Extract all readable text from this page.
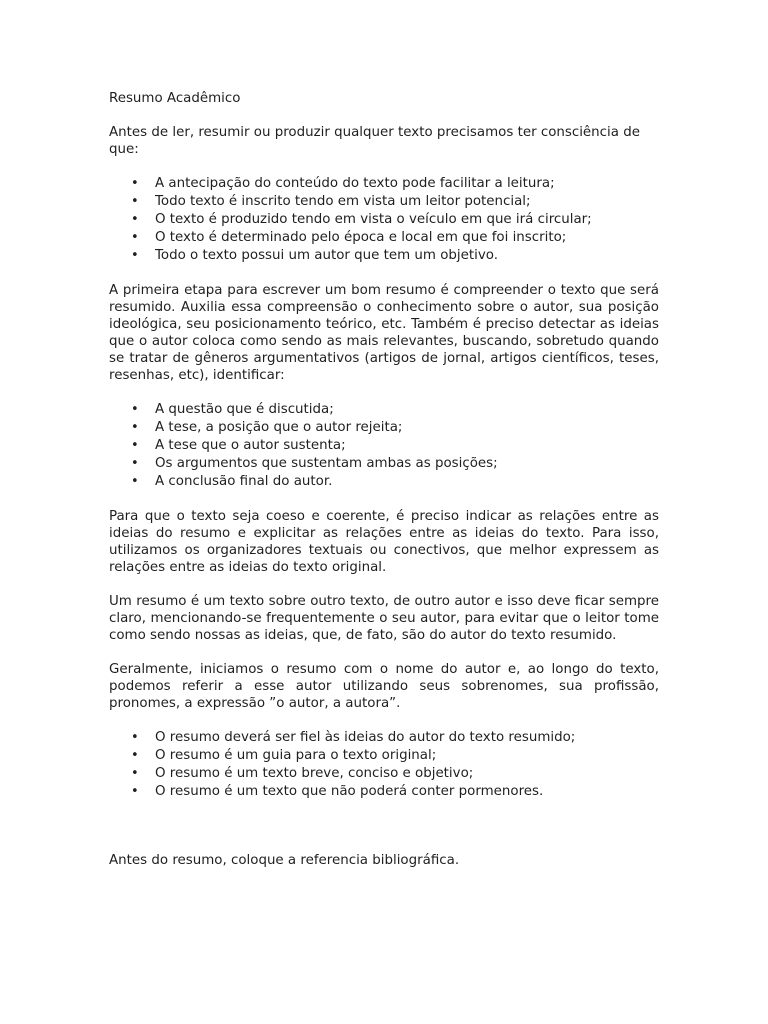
Resumo Acadêmico

Antes de ler, resumir ou produzir qualquer texto precisamos ter consciência de que:

• A antecipação do conteúdo do texto pode facilitar a leitura;
• Todo texto é inscrito tendo em vista um leitor potencial;
• O texto é produzido tendo em vista o veículo em que irá circular;
• O texto é determinado pelo época e local em que foi inscrito;
• Todo o texto possui um autor que tem um objetivo.

A primeira etapa para escrever um bom resumo é compreender o texto que será resumido. Auxilia essa compreensão o conhecimento sobre o autor, sua posição ideológica, seu posicionamento teórico, etc. Também é preciso detectar as ideias que o autor coloca como sendo as mais relevantes, buscando, sobretudo quando se tratar de gêneros argumentativos (artigos de jornal, artigos científicos, teses, resenhas, etc), identificar:

• A questão que é discutida;
• A tese, a posição que o autor rejeita;
• A tese que o autor sustenta;
• Os argumentos que sustentam ambas as posições;
• A conclusão final do autor.

Para que o texto seja coeso e coerente, é preciso indicar as relações entre as ideias do resumo e explicitar as relações entre as ideias do texto. Para isso, utilizamos os organizadores textuais ou conectivos, que melhor expressem as relações entre as ideias do texto original.

Um resumo é um texto sobre outro texto, de outro autor e isso deve ficar sempre claro, mencionando-se frequentemente o seu autor, para evitar que o leitor tome como sendo nossas as ideias, que, de fato, são do autor do texto resumido.

Geralmente, iniciamos o resumo com o nome do autor e, ao longo do texto, podemos referir a esse autor utilizando seus sobrenomes, sua profissão, pronomes, a expressão ”o autor, a autora”.

• O resumo deverá ser fiel às ideias do autor do texto resumido;
• O resumo é um guia para o texto original;
• O resumo é um texto breve, conciso e objetivo;
• O resumo é um texto que não poderá conter pormenores.

Antes do resumo, coloque a referencia bibliográfica.
